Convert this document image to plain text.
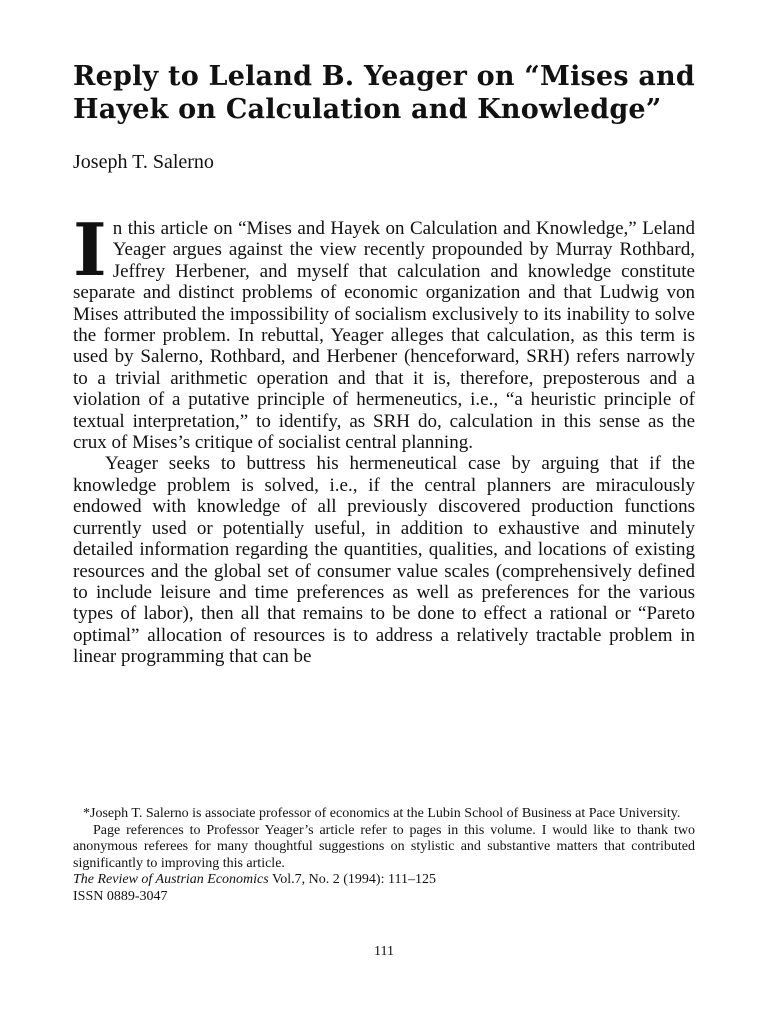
Reply to Leland B. Yeager on “Mises and Hayek on Calculation and Knowledge”
Joseph T. Salerno

In this article on “Mises and Hayek on Calculation and Knowledge,” Leland Yeager argues against the view recently propounded by Murray Rothbard, Jeffrey Herbener, and myself that calculation and knowledge constitute separate and distinct problems of economic organization and that Ludwig von Mises attributed the impossibility of socialism exclusively to its inability to solve the former problem. In rebuttal, Yeager alleges that calculation, as this term is used by Salerno, Rothbard, and Herbener (henceforward, SRH) refers narrowly to a trivial arithmetic operation and that it is, therefore, preposterous and a violation of a putative principle of hermeneutics, i.e., “a heuristic principle of textual interpretation,” to identify, as SRH do, calculation in this sense as the crux of Mises’s critique of socialist central planning.

Yeager seeks to buttress his hermeneutical case by arguing that if the knowledge problem is solved, i.e., if the central planners are miraculously endowed with knowledge of all previously discovered production functions currently used or potentially useful, in addition to exhaustive and minutely detailed information regarding the quantities, qualities, and locations of existing resources and the global set of consumer value scales (comprehensively defined to include leisure and time preferences as well as preferences for the various types of labor), then all that remains to be done to effect a rational or “Pareto optimal” allocation of resources is to address a relatively tractable problem in linear programming that can be

*Joseph T. Salerno is associate professor of economics at the Lubin School of Business at Pace University.

Page references to Professor Yeager’s article refer to pages in this volume. I would like to thank two anonymous referees for many thoughtful suggestions on stylistic and substantive matters that contributed significantly to improving this article.

The Review of Austrian Economics Vol.7, No. 2 (1994): 111–125

ISSN 0889-3047

111
